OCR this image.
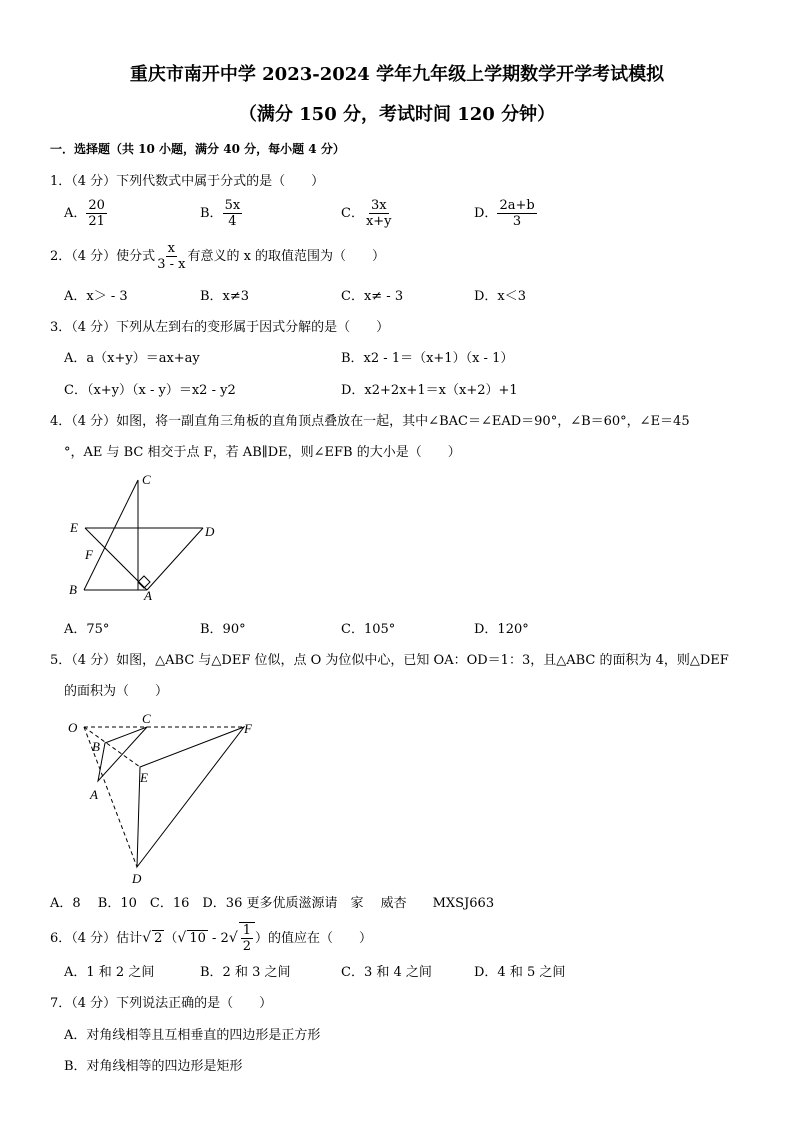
重庆市南开中学 2023-2024 学年九年级上学期数学开学考试模拟
（满分 150 分，考试时间 120 分钟）
一．选择题（共 10 小题，满分 40 分，每小题 4 分）
1．（4 分）下列代数式中属于分式的是（　　）
A． $\frac{20}{21}$	B． $\frac{5x}{4}$	C． $\frac{3x}{x+y}$	D． $\frac{2a+b}{3}$
2．（4 分）使分式 $\frac{x}{3 - x}$ 有意义的 x 的取值范围为（　　）
A．x＞ - 3	B．x≠3	C．x≠ - 3	D．x＜3
3．（4 分）下列从左到右的变形属于因式分解的是（　　）
A．a（x+y）＝ax+ay	B．x2 - 1＝（x+1）（x - 1）
C．（x+y）（x - y）＝x2 - y2	D．x2+2x+1＝x（x+2）+1
4．（4 分）如图，将一副直角三角板的直角顶点叠放在一起，其中∠BAC＝∠EAD＝90°，∠B＝60°，∠E＝45
°，AE 与 BC 相交于点 F，若 AB∥DE，则∠EFB 的大小是（　　）
C
E	D
F
B	A
A．75°	B．90°	C．105°	D．120°
5．（4 分）如图，△ABC 与△DEF 位似，点 O 为位似中心，已知 OA：OD＝1：3，且△ABC 的面积为 4，则△DEF
的面积为（　　）
O
C
F
B
E
A
D
A．8　 B．10　C．16　D．36 更多优质滋源请　家　 威杏　　MXSJ663
6．（4 分）估计√ 2 （√ $10 - 2√ \frac{1}{2}$ ）的值应在（　　）
A．1 和 2 之间	B．2 和 3 之间	C．3 和 4 之间	D．4 和 5 之间
7．（4 分）下列说法正确的是（　　）
A．对角线相等且互相垂直的四边形是正方形
B．对角线相等的四边形是矩形
